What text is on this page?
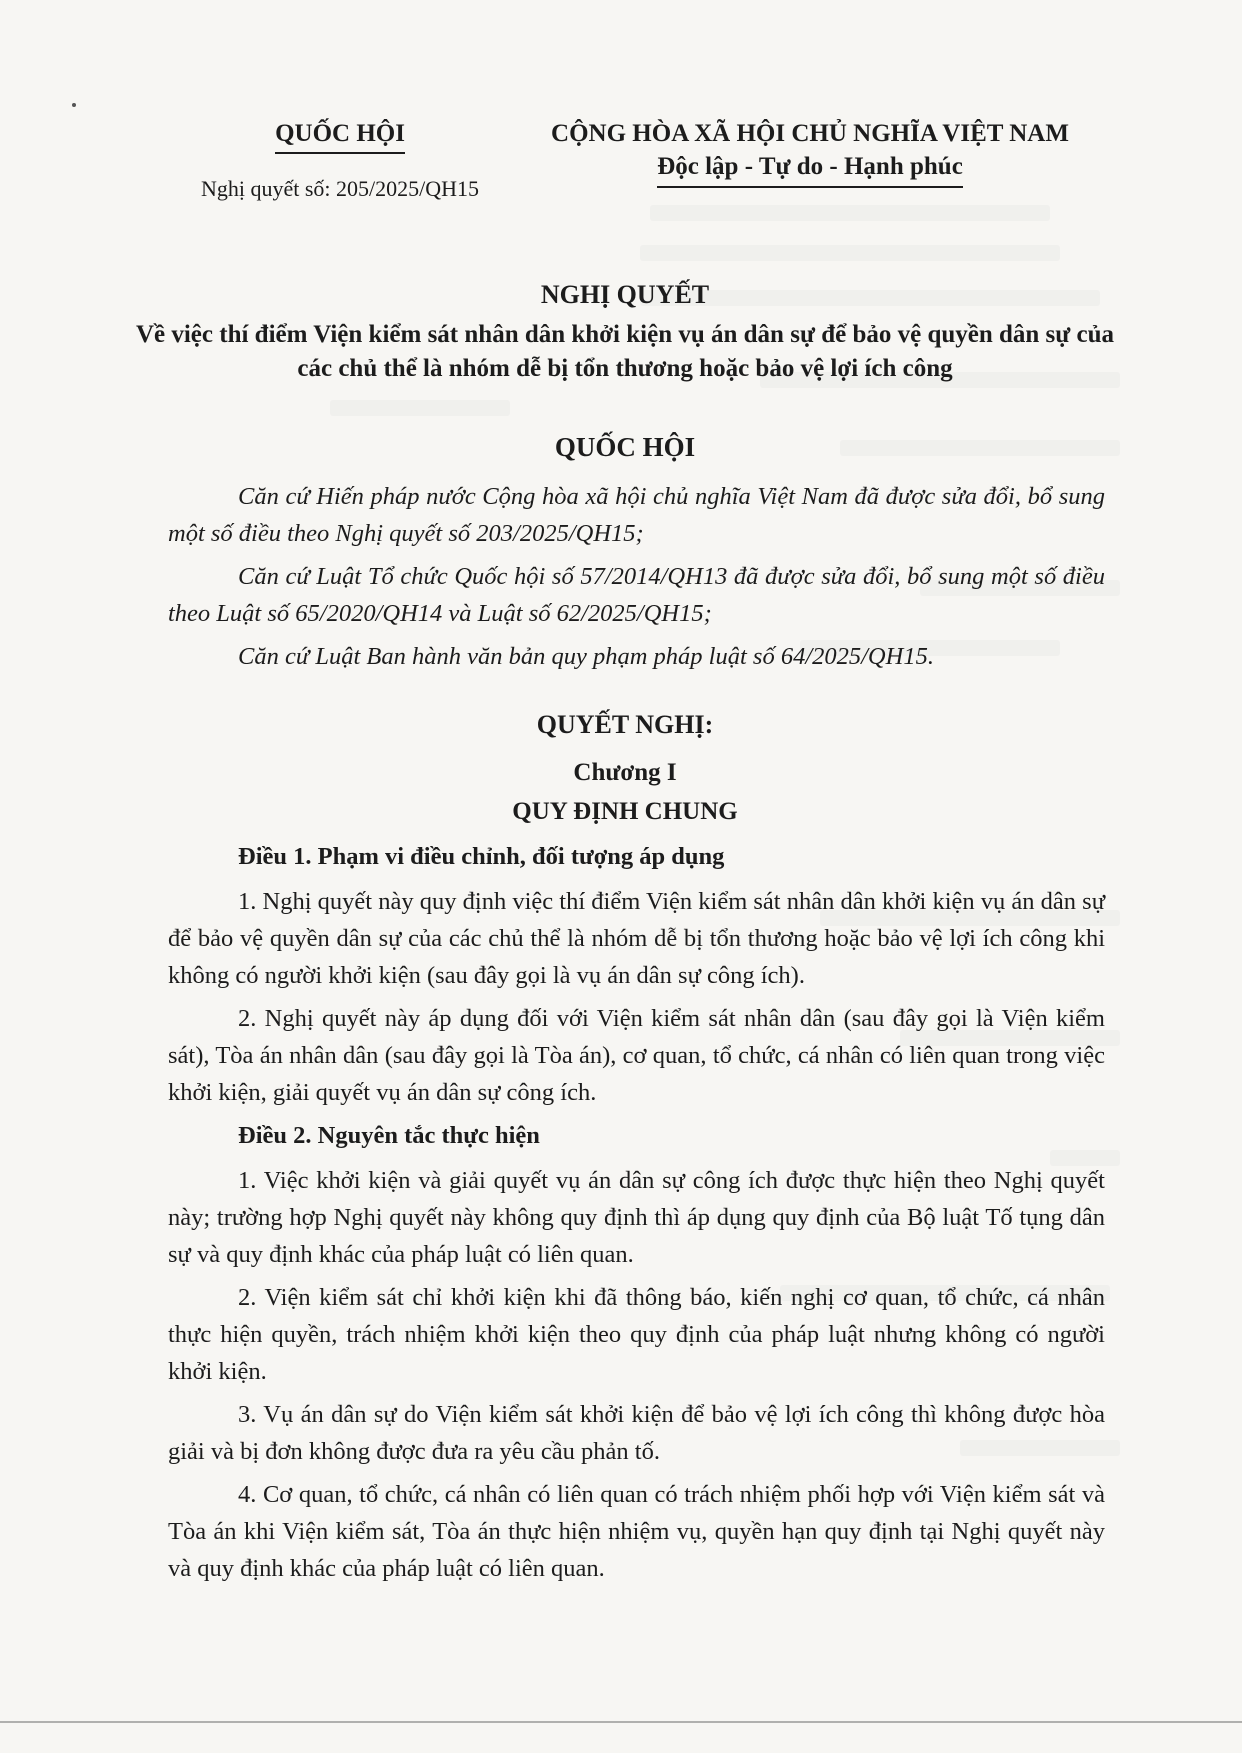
QUỐC HỘI
Nghị quyết số: 205/2025/QH15
CỘNG HÒA XÃ HỘI CHỦ NGHĨA VIỆT NAM
Độc lập - Tự do - Hạnh phúc
NGHỊ QUYẾT
Về việc thí điểm Viện kiểm sát nhân dân khởi kiện vụ án dân sự để bảo vệ quyền dân sự của các chủ thể là nhóm dễ bị tổn thương hoặc bảo vệ lợi ích công
QUỐC HỘI

Căn cứ Hiến pháp nước Cộng hòa xã hội chủ nghĩa Việt Nam đã được sửa đổi, bổ sung một số điều theo Nghị quyết số 203/2025/QH15;

Căn cứ Luật Tổ chức Quốc hội số 57/2014/QH13 đã được sửa đổi, bổ sung một số điều theo Luật số 65/2020/QH14 và Luật số 62/2025/QH15;

Căn cứ Luật Ban hành văn bản quy phạm pháp luật số 64/2025/QH15.

QUYẾT NGHỊ:
Chương I
QUY ĐỊNH CHUNG
Điều 1. Phạm vi điều chỉnh, đối tượng áp dụng

1. Nghị quyết này quy định việc thí điểm Viện kiểm sát nhân dân khởi kiện vụ án dân sự để bảo vệ quyền dân sự của các chủ thể là nhóm dễ bị tổn thương hoặc bảo vệ lợi ích công khi không có người khởi kiện (sau đây gọi là vụ án dân sự công ích).

2. Nghị quyết này áp dụng đối với Viện kiểm sát nhân dân (sau đây gọi là Viện kiểm sát), Tòa án nhân dân (sau đây gọi là Tòa án), cơ quan, tổ chức, cá nhân có liên quan trong việc khởi kiện, giải quyết vụ án dân sự công ích.

Điều 2. Nguyên tắc thực hiện

1. Việc khởi kiện và giải quyết vụ án dân sự công ích được thực hiện theo Nghị quyết này; trường hợp Nghị quyết này không quy định thì áp dụng quy định của Bộ luật Tố tụng dân sự và quy định khác của pháp luật có liên quan.

2. Viện kiểm sát chỉ khởi kiện khi đã thông báo, kiến nghị cơ quan, tổ chức, cá nhân thực hiện quyền, trách nhiệm khởi kiện theo quy định của pháp luật nhưng không có người khởi kiện.

3. Vụ án dân sự do Viện kiểm sát khởi kiện để bảo vệ lợi ích công thì không được hòa giải và bị đơn không được đưa ra yêu cầu phản tố.

4. Cơ quan, tổ chức, cá nhân có liên quan có trách nhiệm phối hợp với Viện kiểm sát và Tòa án khi Viện kiểm sát, Tòa án thực hiện nhiệm vụ, quyền hạn quy định tại Nghị quyết này và quy định khác của pháp luật có liên quan.
